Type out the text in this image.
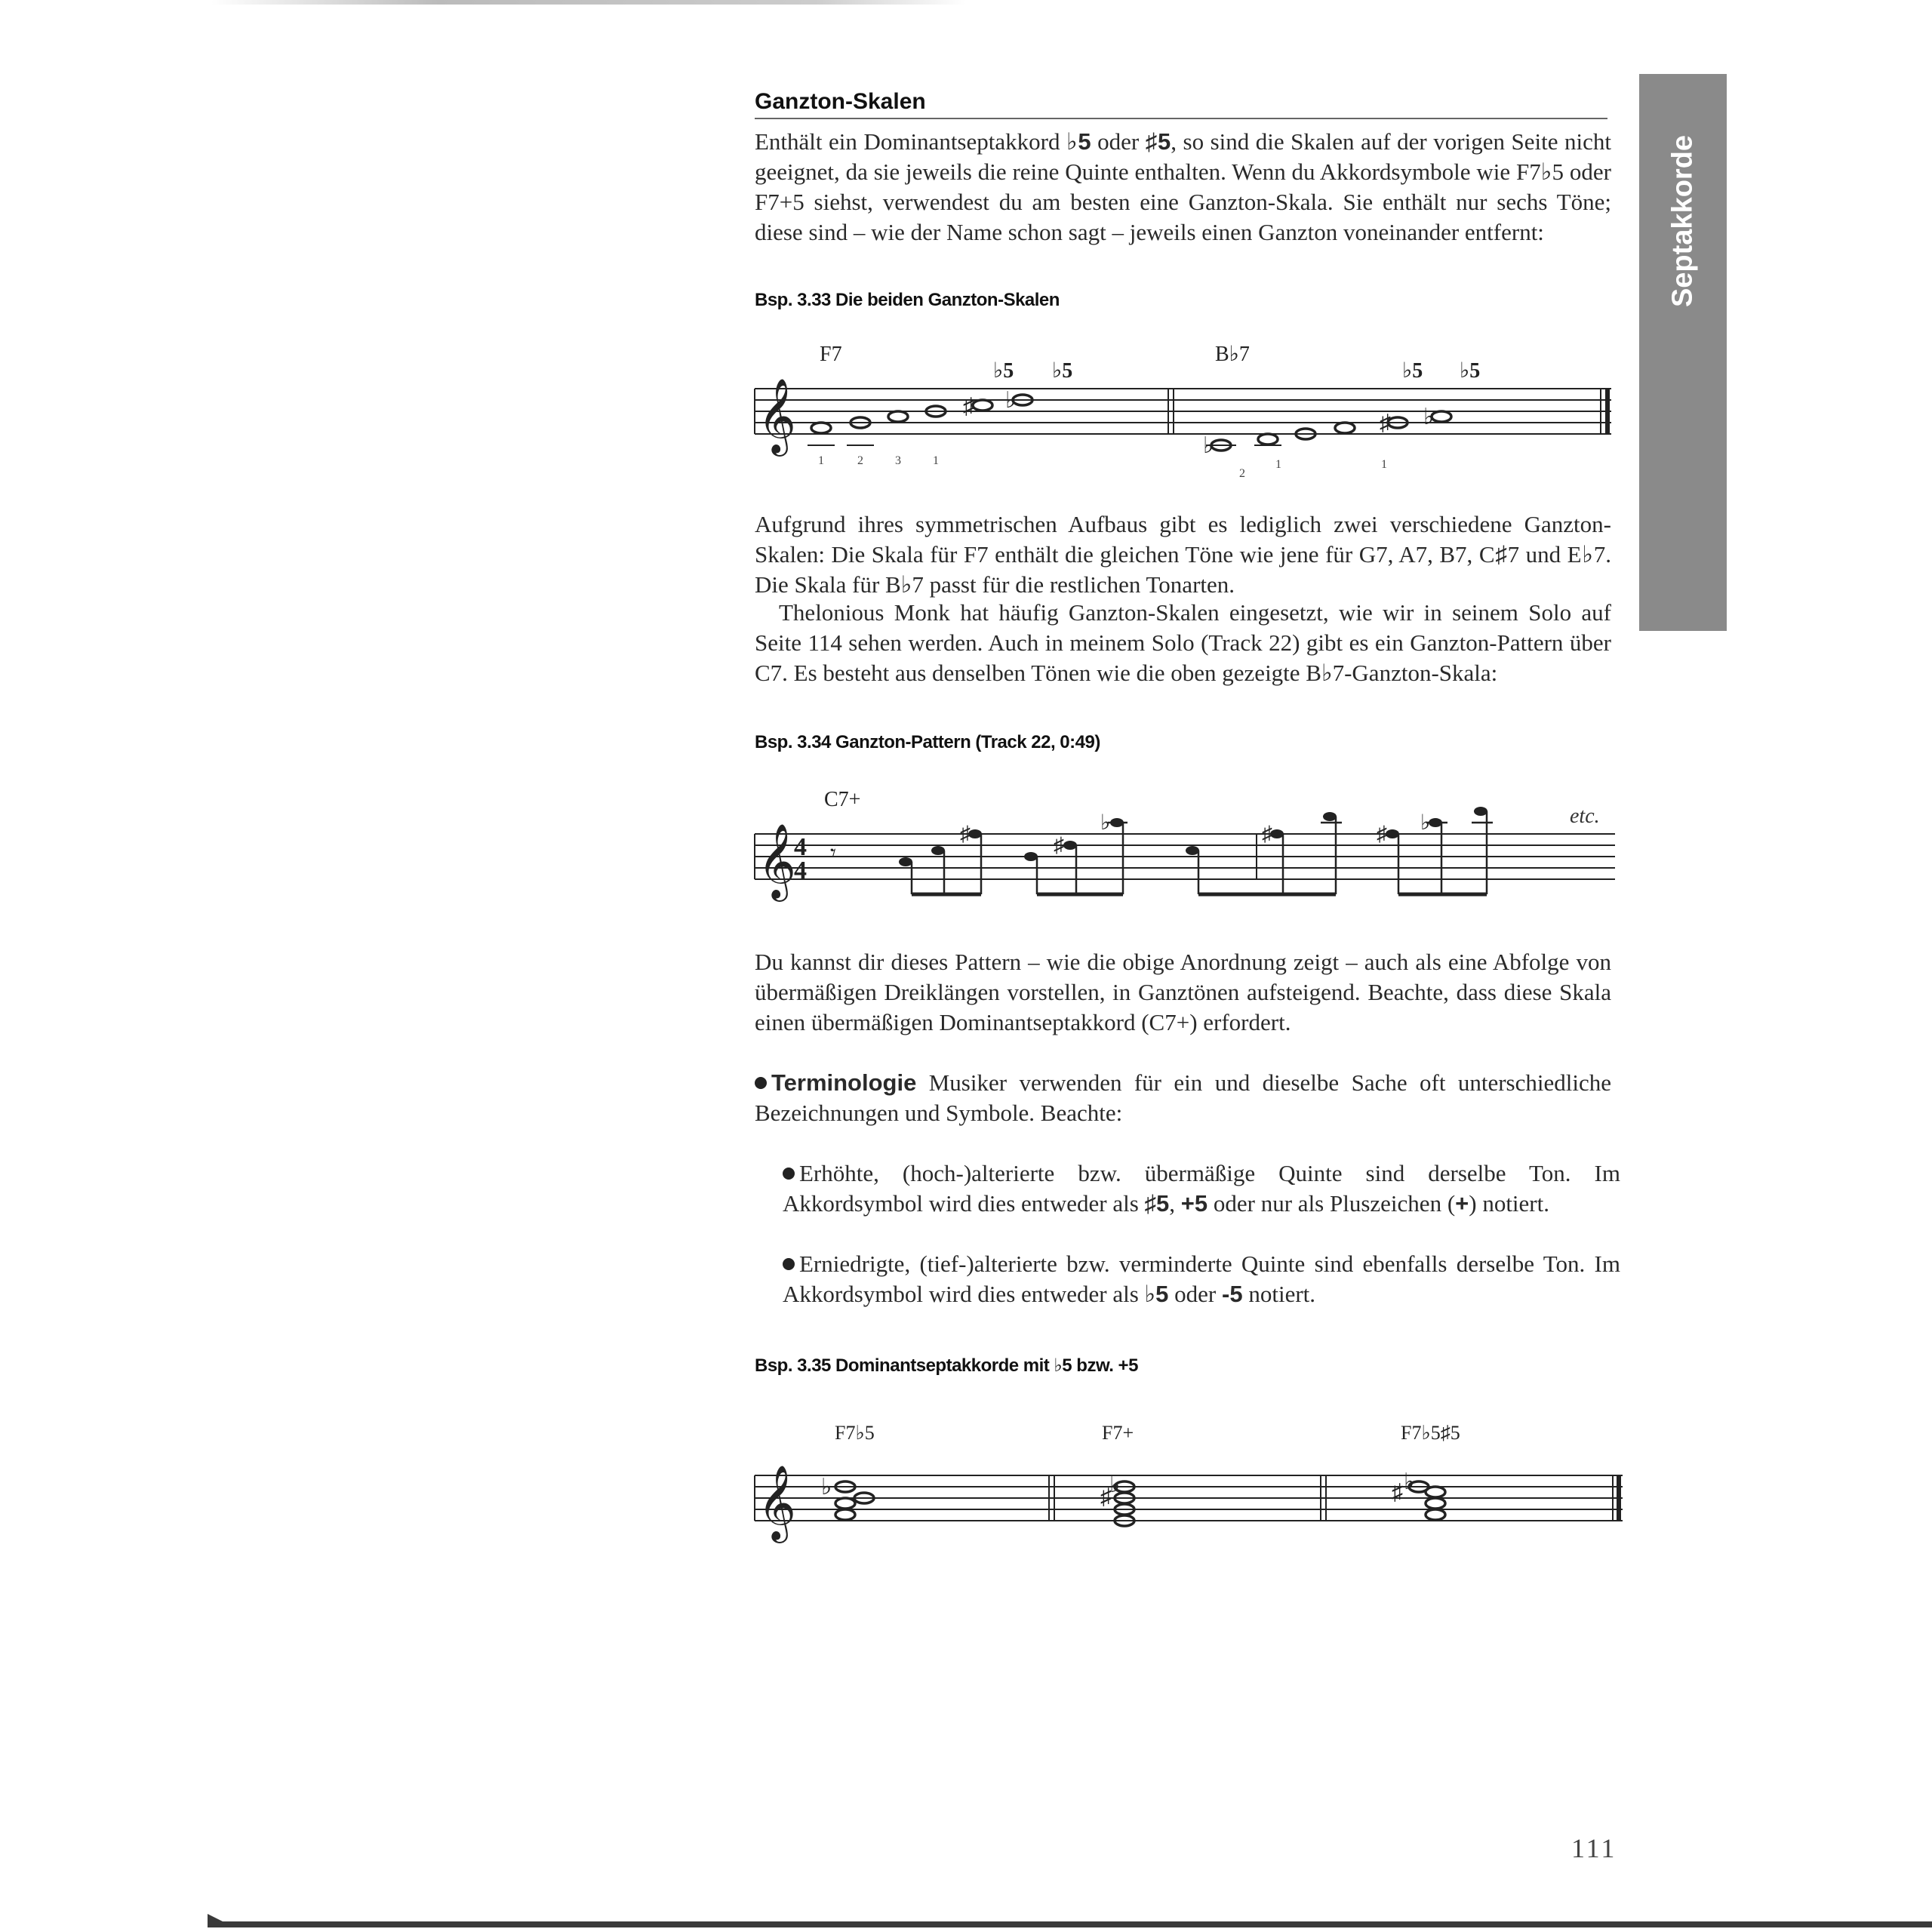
Septakkorde
Ganzton-Skalen
Enthält ein Dominantseptakkord ♭5 oder ♯5, so sind die Skalen auf der vorigen Seite nicht geeignet, da sie jeweils die reine Quinte enthalten. Wenn du Akkordsymbole wie F7♭5 oder F7+5 siehst, verwendest du am besten eine Ganzton-Skala. Sie enthält nur sechs Töne; diese sind – wie der Name schon sagt – jeweils einen Ganzton voneinander entfernt:
Bsp. 3.33 Die beiden Ganzton-Skalen
𝄞
F7	B♭7
♭5 ♭5	♭5 ♭5
♯ ♭
♭
♯ ♭
1	2	3	1
2
1	1
Aufgrund ihres symmetrischen Aufbaus gibt es lediglich zwei verschiedene Ganzton-Skalen: Die Skala für F7 enthält die gleichen Töne wie jene für G7, A7, B7, C♯7 und E♭7. Die Skala für B♭7 passt für die restlichen Tonarten.
Thelonious Monk hat häufig Ganzton-Skalen eingesetzt, wie wir in seinem Solo auf Seite 114 sehen werden. Auch in meinem Solo (Track 22) gibt es ein Ganzton-Pattern über C7. Es besteht aus denselben Tönen wie die oben gezeigte B♭7-Ganzton-Skala:
Bsp. 3.34 Ganzton-Pattern (Track 22, 0:49)
𝄞
4
4
C7+
etc.
𝄾
♯	♯
♭	♯	♯ ♭
Du kannst dir dieses Pattern – wie die obige Anordnung zeigt – auch als eine Abfolge von übermäßigen Dreiklängen vorstellen, in Ganztönen aufsteigend. Beachte, dass diese Skala einen übermäßigen Dominantseptakkord (C7+) erfordert.
Terminologie Musiker verwenden für ein und dieselbe Sache oft unterschiedliche Bezeichnungen und Symbole. Beachte:
Erhöhte, (hoch-)alterierte bzw. übermäßige Quinte sind derselbe Ton. Im Akkordsymbol wird dies entweder als ♯5, +5 oder nur als Pluszeichen (+) notiert.
Erniedrigte, (tief-)alterierte bzw. verminderte Quinte sind ebenfalls derselbe Ton. Im Akkordsymbol wird dies entweder als ♭5 oder -5 notiert.
Bsp. 3.35 Dominantseptakkorde mit ♭5 bzw. +5
𝄞
F7♭5	F7+	F7♭5♯5
♭	♯
♭	♯ ♭
111
